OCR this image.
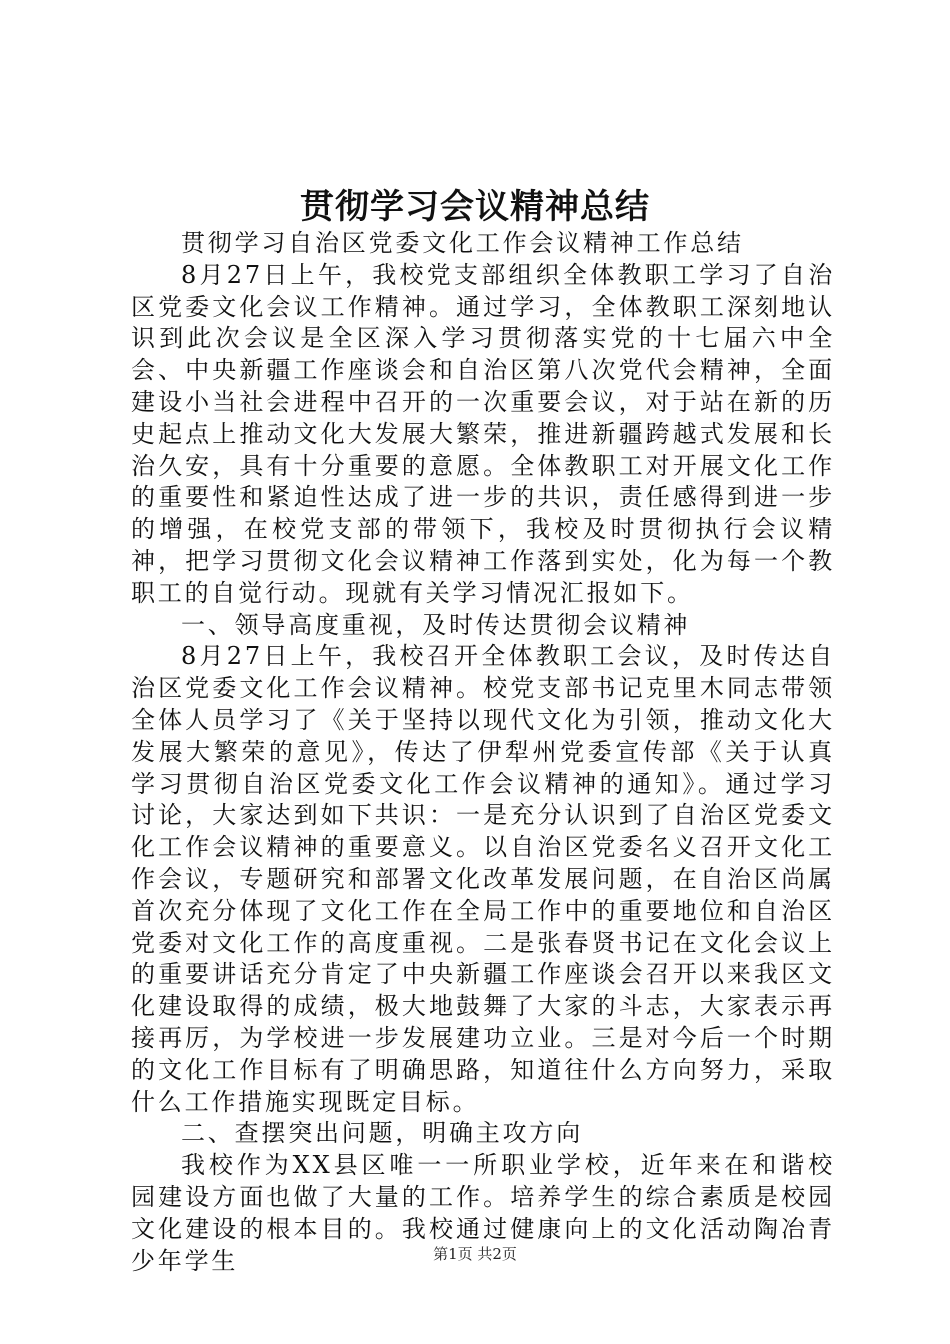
贯彻学习会议精神总结

贯彻学习自治区党委文化工作会议精神工作总结

8月27日上午，我校党支部组织全体教职工学习了自治区党委文化会议工作精神。通过学习，全体教职工深刻地认识到此次会议是全区深入学习贯彻落实党的十七届六中全会、中央新疆工作座谈会和自治区第八次党代会精神，全面建设小当社会进程中召开的一次重要会议，对于站在新的历史起点上推动文化大发展大繁荣，推进新疆跨越式发展和长治久安，具有十分重要的意愿。全体教职工对开展文化工作的重要性和紧迫性达成了进一步的共识，责任感得到进一步的增强，在校党支部的带领下，我校及时贯彻执行会议精神，把学习贯彻文化会议精神工作落到实处，化为每一个教职工的自觉行动。现就有关学习情况汇报如下。

一、领导高度重视，及时传达贯彻会议精神

8月27日上午，我校召开全体教职工会议，及时传达自治区党委文化工作会议精神。校党支部书记克里木同志带领全体人员学习了《关于坚持以现代文化为引领，推动文化大发展大繁荣的意见》，传达了伊犁州党委宣传部《关于认真学习贯彻自治区党委文化工作会议精神的通知》。通过学习讨论，大家达到如下共识：一是充分认识到了自治区党委文化工作会议精神的重要意义。以自治区党委名义召开文化工作会议，专题研究和部署文化改革发展问题，在自治区尚属首次充分体现了文化工作在全局工作中的重要地位和自治区党委对文化工作的高度重视。二是张春贤书记在文化会议上的重要讲话充分肯定了中央新疆工作座谈会召开以来我区文化建设取得的成绩，极大地鼓舞了大家的斗志，大家表示再接再厉，为学校进一步发展建功立业。三是对今后一个时期的文化工作目标有了明确思路，知道往什么方向努力，采取什么工作措施实现既定目标。

二、查摆突出问题，明确主攻方向

我校作为XX县区唯一一所职业学校，近年来在和谐校园建设方面也做了大量的工作。培养学生的综合素质是校园文化建设的根本目的。我校通过健康向上的文化活动陶冶青少年学生	第1页 共2页
